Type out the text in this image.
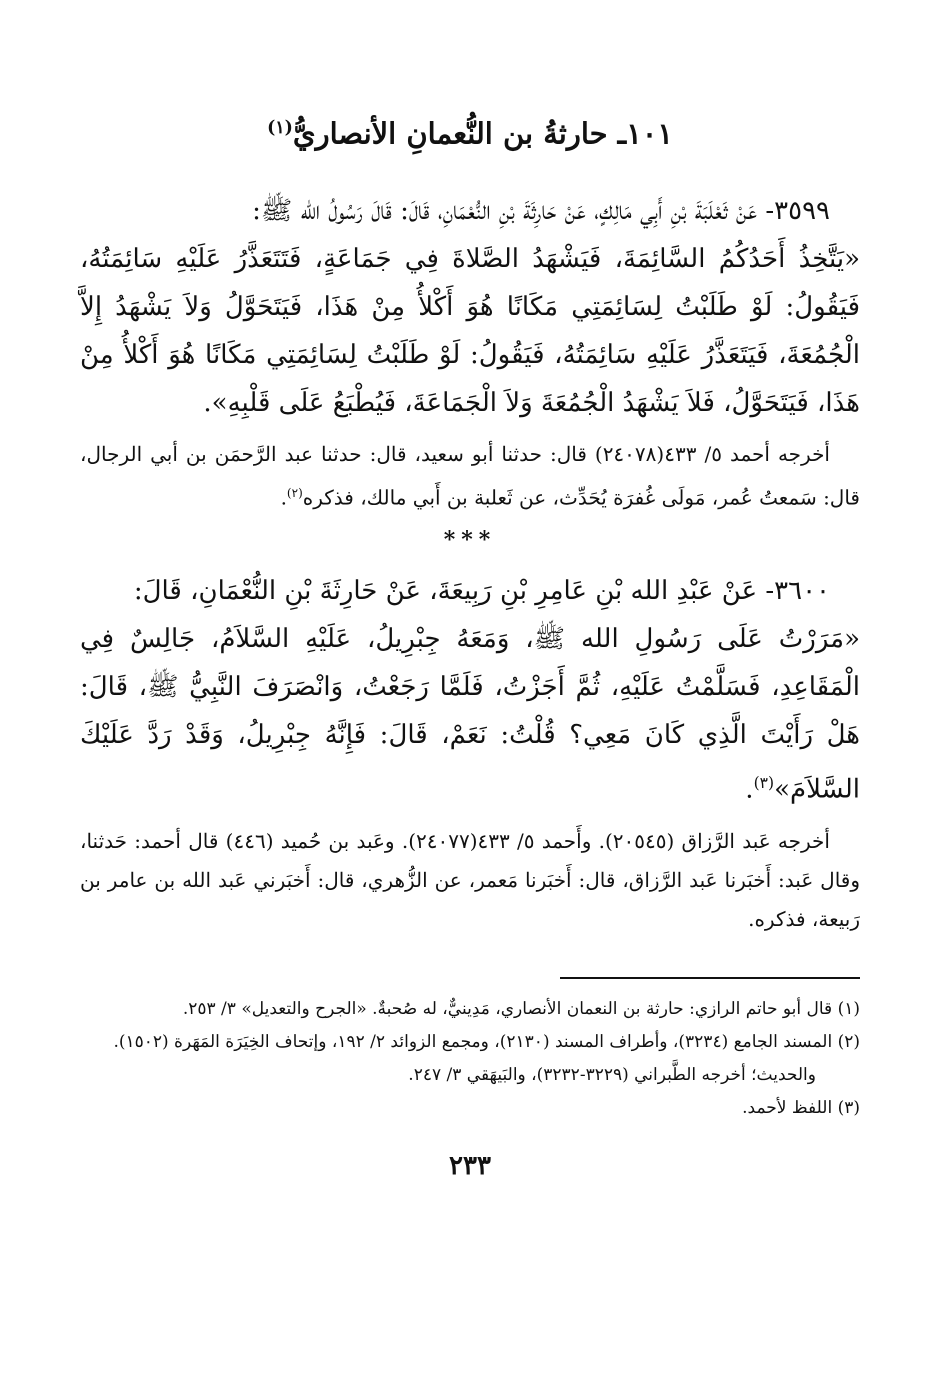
١٠١ـ حارثةُ بن النُّعمانِ الأنصاريُّ$^{(١)}$

٣٥٩٩- عَنْ ثَعْلَبَةَ بْنِ أَبِي مَالِكٍ، عَنْ حَارِثَةَ بْنِ النُّعْمَانِ، قَالَ: قَالَ رَسُولُ الله ﷺ:

«يَتَّخِذُ أَحَدُكُمُ السَّائِمَةَ، فَيَشْهَدُ الصَّلاةَ فِي جَمَاعَةٍ، فَتَتَعَذَّرُ عَلَيْهِ سَائِمَتُهُ، فَيَقُولُ: لَوْ طَلَبْتُ لِسَائِمَتِي مَكَانًا هُوَ أَكْلأُ مِنْ هَذَا، فَيَتَحَوَّلُ وَلاَ يَشْهَدُ إِلاَّ الْجُمُعَةَ، فَيَتَعَذَّرُ عَلَيْهِ سَائِمَتُهُ، فَيَقُولُ: لَوْ طَلَبْتُ لِسَائِمَتِي مَكَانًا هُوَ أَكْلأُ مِنْ هَذَا، فَيَتَحَوَّلُ، فَلاَ يَشْهَدُ الْجُمُعَةَ وَلاَ الْجَمَاعَةَ، فَيُطْبَعُ عَلَى قَلْبِهِ».

أخرجه أحمد ٥/ ٤٣٣(٢٤٠٧٨) قال: حدثنا أبو سعيد، قال: حدثنا عبد الرَّحمَن بن أبي الرجال، قال: سَمعتُ عُمر، مَولَى غُفرَة يُحَدِّث، عن ثَعلبة بن أَبي مالك، فذكره$^{(٢)}$.

***

٣٦٠٠- عَنْ عَبْدِ الله بْنِ عَامِرِ بْنِ رَبِيعَةَ، عَنْ حَارِثَةَ بْنِ النُّعْمَانِ، قَالَ:

«مَرَرْتُ عَلَى رَسُولِ الله ﷺ، وَمَعَهُ جِبْرِيلُ، عَلَيْهِ السَّلاَمُ، جَالِسٌ فِي الْمَقَاعِدِ، فَسَلَّمْتُ عَلَيْهِ، ثُمَّ أَجَزْتُ، فَلَمَّا رَجَعْتُ، وَانْصَرَفَ النَّبِيُّ ﷺ، قَالَ: هَلْ رَأَيْتَ الَّذِي كَانَ مَعِي؟ قُلْتُ: نَعَمْ، قَالَ: فَإِنَّهُ جِبْرِيلُ، وَقَدْ رَدَّ عَلَيْكَ السَّلاَمَ»$^{(٣)}$.

أخرجه عَبد الرَّزاق (٢٠٥٤٥). وأَحمد ٥/ ٤٣٣(٢٤٠٧٧). وعَبد بن حُميد (٤٤٦) قال أحمد: حَدثنا، وقال عَبد: أَخبَرنا عَبد الرَّزاق، قال: أَخبَرنا مَعمر، عن الزُّهري، قال: أَخبَرني عَبد الله بن عامر بن رَبيعة، فذكره.

(١) قال أبو حاتم الرازي: حارثة بن النعمان الأنصاري، مَدِينيٌّ، له صُحبةٌ. «الجرح والتعديل» ٣/ ٢٥٣.

(٢) المسند الجامع (٣٢٣٤)، وأطراف المسند (٢١٣٠)، ومجمع الزوائد ٢/ ١٩٢، وإتحاف الخِيَرَة المَهَرة (١٥٠٢).

والحديث؛ أخرجه الطَّبراني (٣٢٢٩-٣٢٣٢)، والبَيهَقي ٣/ ٢٤٧.

(٣) اللفظ لأحمد.

٢٣٣
